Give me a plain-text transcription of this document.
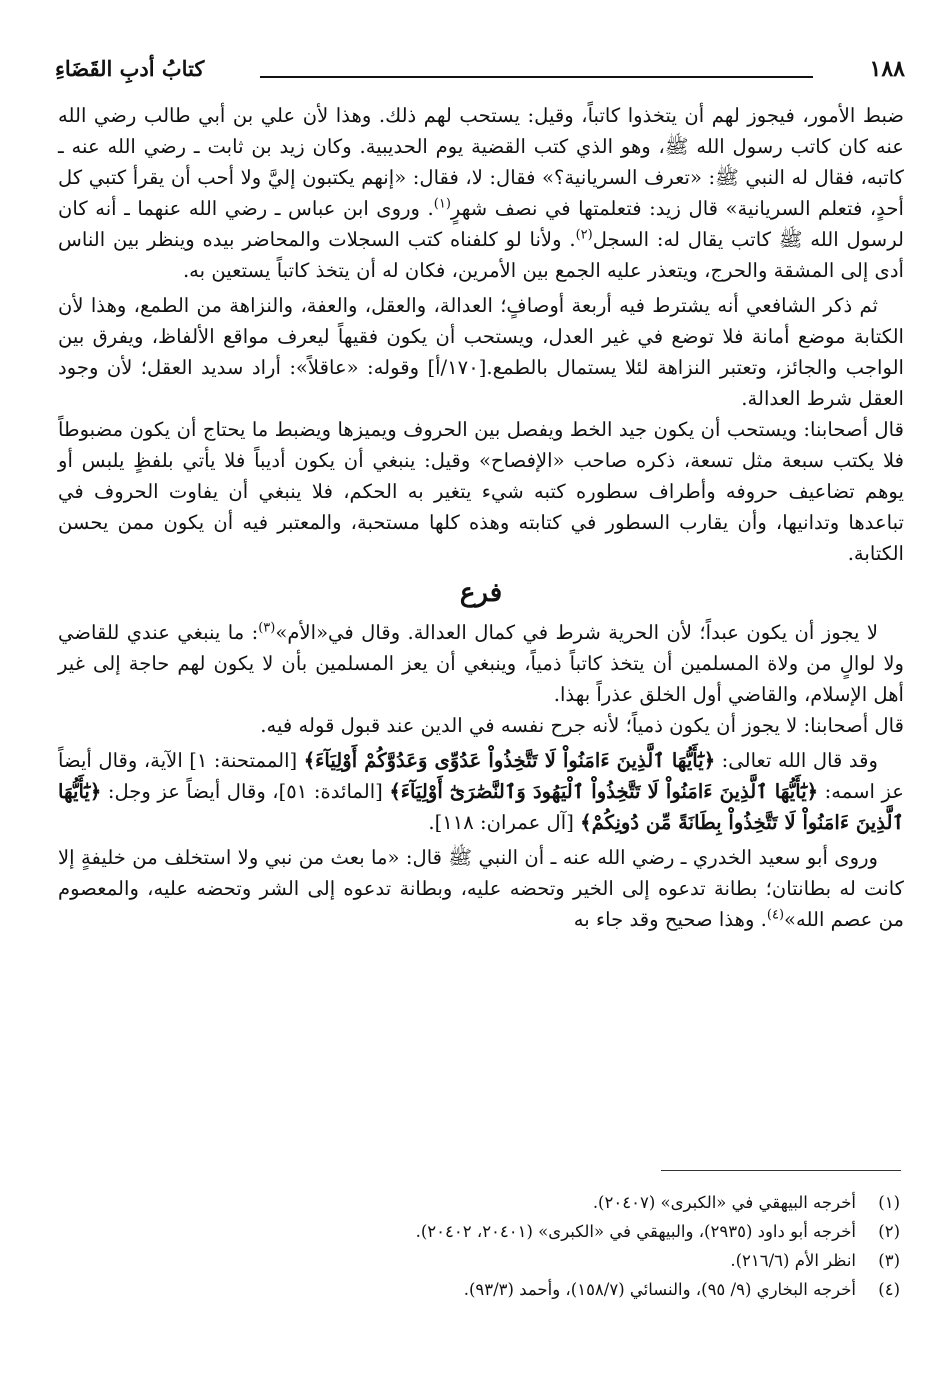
١٨٨
كتابُ أدبِ القَضَاءِ

ضبط الأمور، فيجوز لهم أن يتخذوا كاتباً، وقيل: يستحب لهم ذلك. وهذا لأن علي بن أبي طالب رضي الله عنه كان كاتب رسول الله ﷺ، وهو الذي كتب القضية يوم الحديبية. وكان زيد بن ثابت ـ رضي الله عنه ـ كاتبه، فقال له النبي ﷺ: «تعرف السريانية؟» فقال: لا، فقال: «إنهم يكتبون إليَّ ولا أحب أن يقرأ كتبي كل أحدٍ، فتعلم السريانية» قال زيد: فتعلمتها في نصف شهرٍ$^{(١)}$. وروى ابن عباس ـ رضي الله عنهما ـ أنه كان لرسول الله ﷺ كاتب يقال له: السجل$^{(٢)}$. ولأنا لو كلفناه كتب السجلات والمحاضر بيده وينظر بين الناس أدى إلى المشقة والحرج، ويتعذر عليه الجمع بين الأمرين، فكان له أن يتخذ كاتباً يستعين به.

ثم ذكر الشافعي أنه يشترط فيه أربعة أوصافٍ؛ العدالة، والعقل، والعفة، والنزاهة من الطمع، وهذا لأن الكتابة موضع أمانة فلا توضع في غير العدل، ويستحب أن يكون فقيهاً ليعرف مواقع الألفاظ، ويفرق بين الواجب والجائز، وتعتبر النزاهة لئلا يستمال بالطمع.[١٧٠/أ] وقوله: «عاقلاً»: أراد سديد العقل؛ لأن وجود العقل شرط العدالة.

قال أصحابنا: ويستحب أن يكون جيد الخط ويفصل بين الحروف ويميزها ويضبط ما يحتاج أن يكون مضبوطاً فلا يكتب سبعة مثل تسعة، ذكره صاحب «الإفصاح» وقيل: ينبغي أن يكون أديباً فلا يأتي بلفظٍ يلبس أو يوهم تضاعيف حروفه وأطراف سطوره كتبه شيء يتغير به الحكم، فلا ينبغي أن يفاوت الحروف في تباعدها وتدانيها، وأن يقارب السطور في كتابته وهذه كلها مستحبة، والمعتبر فيه أن يكون ممن يحسن الكتابة.

فرع

لا يجوز أن يكون عبداً؛ لأن الحرية شرط في كمال العدالة. وقال في«الأم»$^{(٣)}$: ما ينبغي عندي للقاضي ولا لوالٍ من ولاة المسلمين أن يتخذ كاتباً ذمياً، وينبغي أن يعز المسلمين بأن لا يكون لهم حاجة إلى غير أهل الإسلام، والقاضي أول الخلق عذراً بهذا.

قال أصحابنا: لا يجوز أن يكون ذمياً؛ لأنه جرح نفسه في الدين عند قبول قوله فيه.

وقد قال الله تعالى: ﴿يَٰٓأَيُّهَا ٱلَّذِينَ ءَامَنُواْ لَا تَتَّخِذُواْ عَدُوِّى وَعَدُوَّكُمْ أَوْلِيَآءَ﴾ [الممتحنة: ١] الآية، وقال أيضاً عز اسمه: ﴿يَٰٓأَيُّهَا ٱلَّذِينَ ءَامَنُواْ لَا تَتَّخِذُواْ ٱلْيَهُودَ وَٱلنَّصَٰرَىٰٓ أَوْلِيَآءَ﴾ [المائدة: ٥١]، وقال أيضاً عز وجل: ﴿يَٰٓأَيُّهَا ٱلَّذِينَ ءَامَنُواْ لَا تَتَّخِذُواْ بِطَانَةً مِّن دُونِكُمْ﴾ [آل عمران: ١١٨].

وروى أبو سعيد الخدري ـ رضي الله عنه ـ أن النبي ﷺ قال: «ما بعث من نبي ولا استخلف من خليفةٍ إلا كانت له بطانتان؛ بطانة تدعوه إلى الخير وتحضه عليه، وبطانة تدعوه إلى الشر وتحضه عليه، والمعصوم من عصم الله»$^{(٤)}$. وهذا صحيح وقد جاء به

(١)
أخرجه البيهقي في «الكبرى» (٢٠٤٠٧).
(٢)
أخرجه أبو داود (٢٩٣٥)، والبيهقي في «الكبرى» (٢٠٤٠١، ٢٠٤٠٢).
(٣)
انظر الأم (٢١٦/٦).
(٤)
أخرجه البخاري (٩/ ٩٥)، والنسائي (١٥٨/٧)، وأحمد (٩٣/٣).
